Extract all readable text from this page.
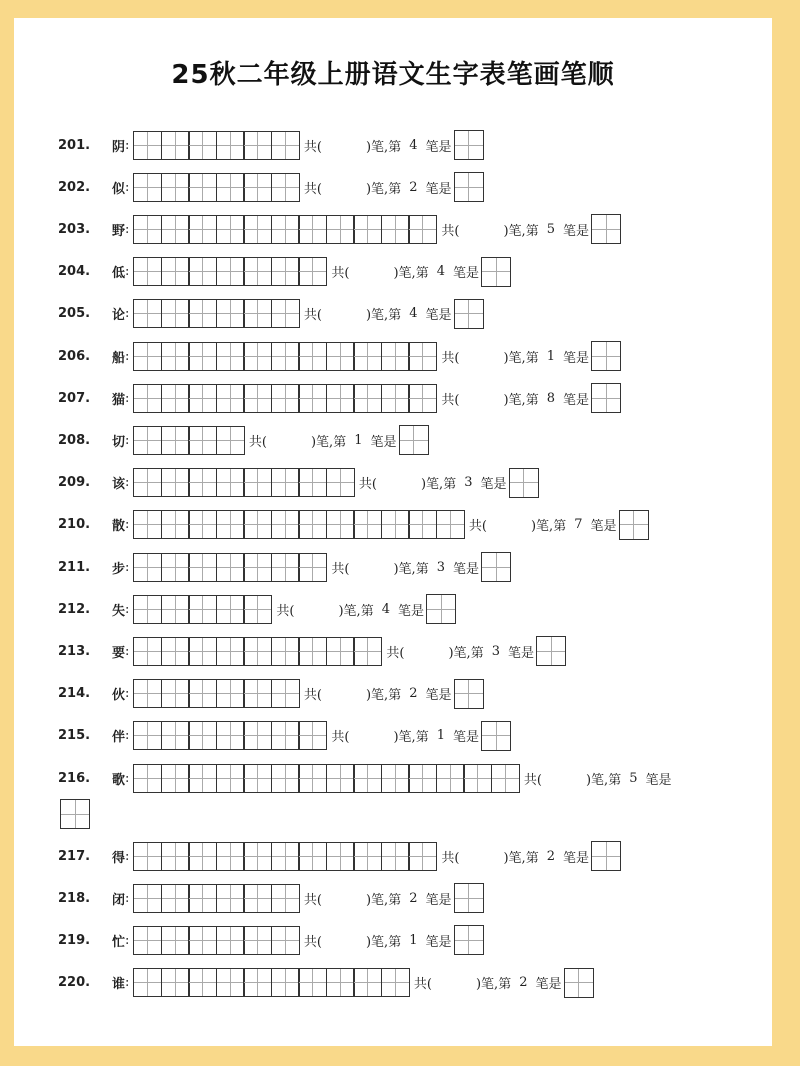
25秋二年级上册语文生字表笔画笔顺
201.	阴 :	共(	)笔, 第 4 笔是
202.	似 :	共(	)笔, 第 2 笔是
203.	野 :	共(	)笔, 第 5 笔是
204.	低 :	共(	)笔, 第 4 笔是
205.	论 :	共(	)笔, 第 4 笔是
206.	船 :	共(	)笔, 第 1 笔是
207.	猫 :	共(	)笔, 第 8 笔是
208.	切 :	共(	)笔, 第 1 笔是
209.	该 :	共(	)笔, 第 3 笔是
210.	散 :	共(	)笔, 第 7 笔是
211.	步 :	共(	)笔, 第 3 笔是
212.	失 :	共(	)笔, 第 4 笔是
213.	要 :	共(	)笔, 第 3 笔是
214.	伙 :	共(	)笔, 第 2 笔是
215.	伴 :	共(	)笔, 第 1 笔是
216.	歌 :	共(	)笔, 第 5 笔是
217.	得 :	共(	)笔, 第 2 笔是
218.	闭 :	共(	)笔, 第 2 笔是
219.	忙 :	共(	)笔, 第 1 笔是
220.	谁 :	共(	)笔, 第 2 笔是
